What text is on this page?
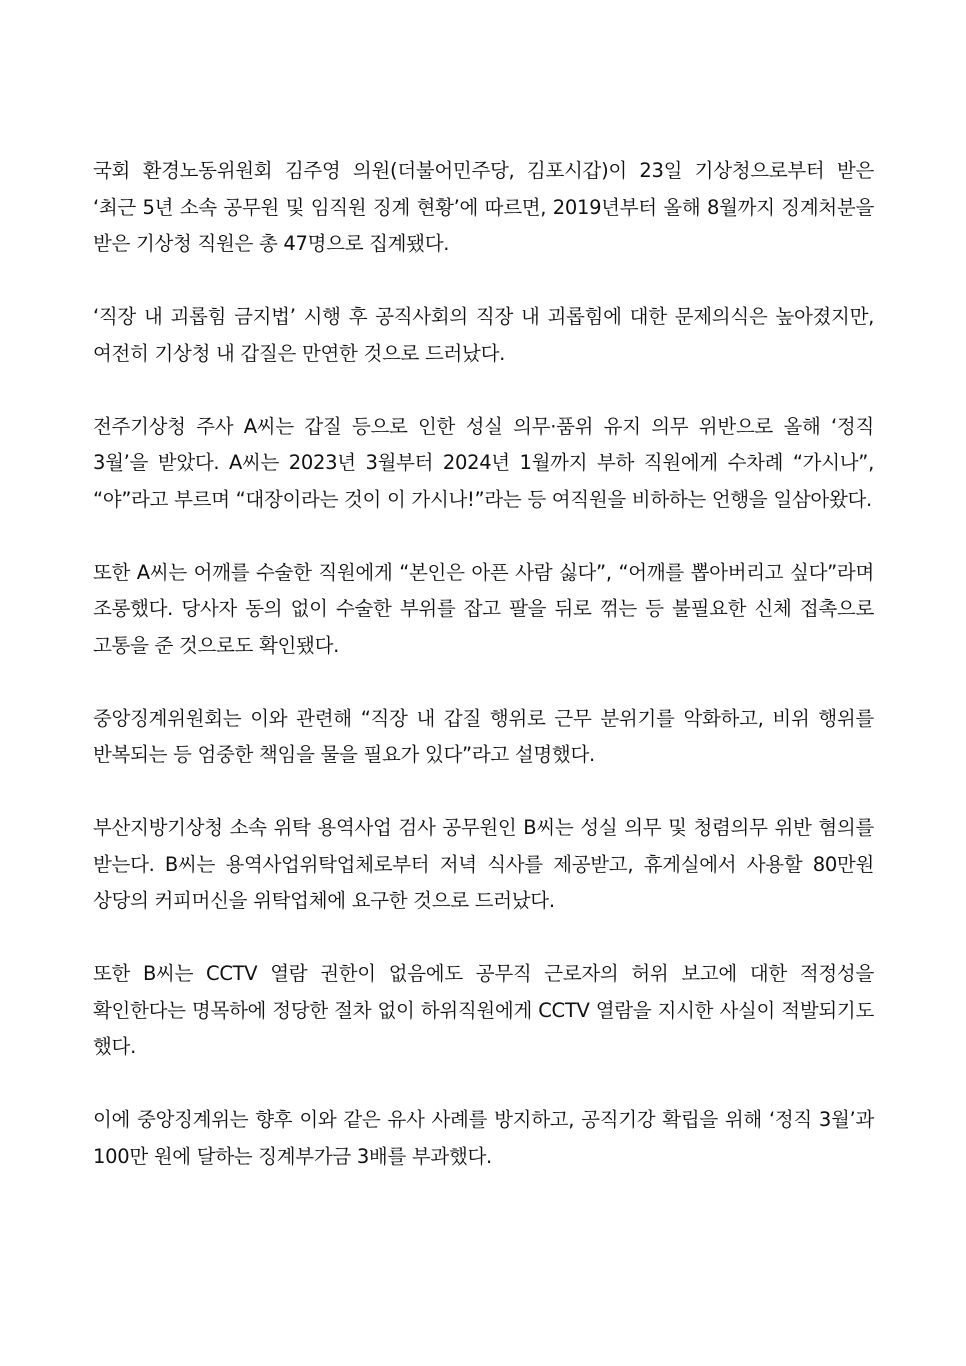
국회 환경노동위원회 김주영 의원(더불어민주당, 김포시갑)이 23일 기상청으로부터 받은 ‘최근 5년 소속 공무원 및 임직원 징계 현황’에 따르면, 2019년부터 올해 8월까지 징계처분을 받은 기상청 직원은 총 47명으로 집계됐다.

‘직장 내 괴롭힘 금지법’ 시행 후 공직사회의 직장 내 괴롭힘에 대한 문제의식은 높아졌지만, 여전히 기상청 내 갑질은 만연한 것으로 드러났다.

전주기상청 주사 A씨는 갑질 등으로 인한 성실 의무·품위 유지 의무 위반으로 올해 ‘정직 3월’을 받았다. A씨는 2023년 3월부터 2024년 1월까지 부하 직원에게 수차례 “가시나”, “야”라고 부르며 “대장이라는 것이 이 가시나!”라는 등 여직원을 비하하는 언행을 일삼아왔다.

또한 A씨는 어깨를 수술한 직원에게 “본인은 아픈 사람 싫다”, “어깨를 뽑아버리고 싶다”라며 조롱했다. 당사자 동의 없이 수술한 부위를 잡고 팔을 뒤로 꺾는 등 불필요한 신체 접촉으로 고통을 준 것으로도 확인됐다.

중앙징계위원회는 이와 관련해 “직장 내 갑질 행위로 근무 분위기를 악화하고, 비위 행위를 반복되는 등 엄중한 책임을 물을 필요가 있다”라고 설명했다.

부산지방기상청 소속 위탁 용역사업 검사 공무원인 B씨는 성실 의무 및 청렴의무 위반 혐의를 받는다. B씨는 용역사업위탁업체로부터 저녁 식사를 제공받고, 휴게실에서 사용할 80만원 상당의 커피머신을 위탁업체에 요구한 것으로 드러났다.

또한 B씨는 CCTV 열람 권한이 없음에도 공무직 근로자의 허위 보고에 대한 적정성을 확인한다는 명목하에 정당한 절차 없이 하위직원에게 CCTV 열람을 지시한 사실이 적발되기도 했다.

이에 중앙징계위는 향후 이와 같은 유사 사례를 방지하고, 공직기강 확립을 위해 ‘정직 3월’과 100만 원에 달하는 징계부가금 3배를 부과했다.
